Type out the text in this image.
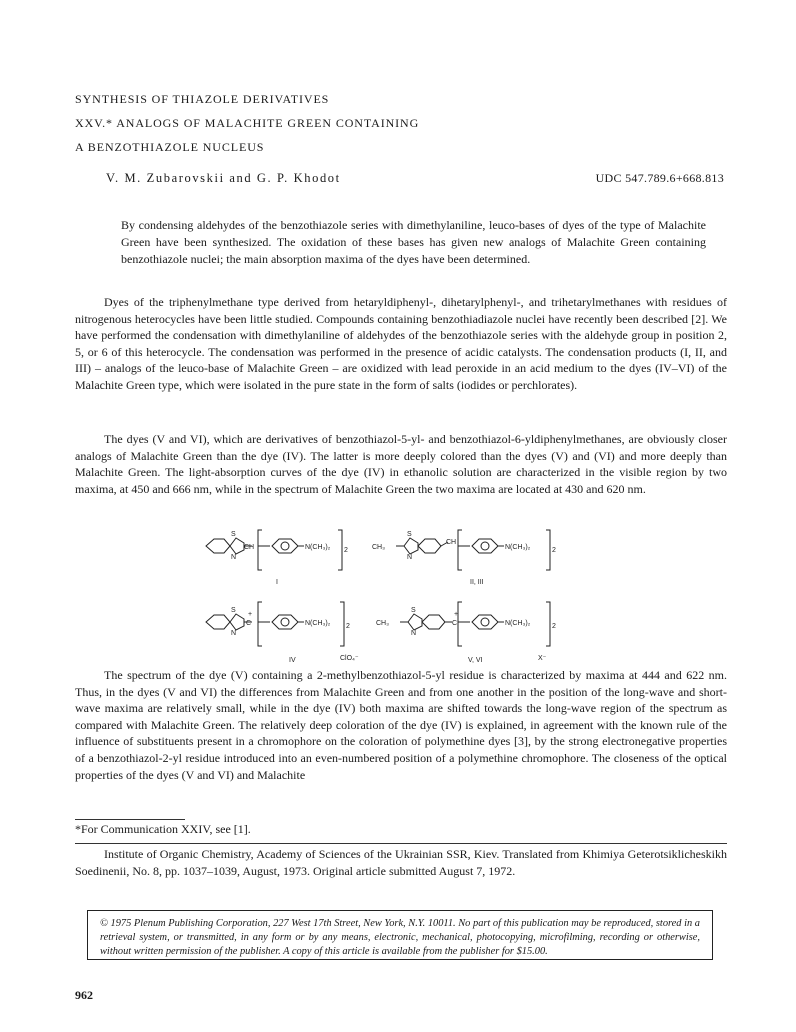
SYNTHESIS OF THIAZOLE DERIVATIVES
XXV.* ANALOGS OF MALACHITE GREEN CONTAINING
A BENZOTHIAZOLE NUCLEUS
V. M. Zubarovskii and G. P. Khodot	UDC 547.789.6+668.813
By condensing aldehydes of the benzothiazole series with dimethylaniline, leuco-bases of dyes of the type of Malachite Green have been synthesized. The oxidation of these bases has given new analogs of Malachite Green containing benzothiazole nuclei; the main absorption maxima of the dyes have been determined.
Dyes of the triphenylmethane type derived from hetaryldiphenyl-, dihetarylphenyl-, and trihetarylmethanes with residues of nitrogenous heterocycles have been little studied. Compounds containing benzothiadiazole nuclei have recently been described [2]. We have performed the condensation with dimethylaniline of aldehydes of the benzothiazole series with the aldehyde group in position 2, 5, or 6 of this heterocycle. The condensation was performed in the presence of acidic catalysts. The condensation products (I, II, and III) – analogs of the leuco-base of Malachite Green – are oxidized with lead peroxide in an acid medium to the dyes (IV–VI) of the Malachite Green type, which were isolated in the pure state in the form of salts (iodides or perchlorates).
The dyes (V and VI), which are derivatives of benzothiazol-5-yl- and benzothiazol-6-yldiphenylmethanes, are obviously closer analogs of Malachite Green than the dye (IV). The latter is more deeply colored than the dyes (V) and (VI) and more deeply than Malachite Green. The light-absorption curves of the dye (IV) in ethanolic solution are characterized in the visible region by two maxima, at 450 and 666 nm, while in the spectrum of Malachite Green the two maxima are located at 430 and 620 nm.
S
N
CH	N(CH₃)₂ 2
I
CH₃
S
N
CH
N(CH₃)₂	2
II, III
S
N
C
+
N(CH₃)₂ 2
IV	ClO₄⁻
CH₃
S
N
C
+
N(CH₃)₂	2
V, VI	X⁻
The spectrum of the dye (V) containing a 2-methylbenzothiazol-5-yl residue is characterized by maxima at 444 and 622 nm. Thus, in the dyes (V and VI) the differences from Malachite Green and from one another in the position of the long-wave and short-wave maxima are relatively small, while in the dye (IV) both maxima are shifted towards the long-wave region of the spectrum as compared with Malachite Green. The relatively deep coloration of the dye (IV) is explained, in agreement with the known rule of the influence of substituents present in a chromophore on the coloration of polymethine dyes [3], by the strong electronegative properties of a benzothiazol-2-yl residue introduced into an even-numbered position of a polymethine chromophore. The closeness of the optical properties of the dyes (V and VI) and Malachite
*For Communication XXIV, see [1].
Institute of Organic Chemistry, Academy of Sciences of the Ukrainian SSR, Kiev. Translated from Khimiya Geterotsiklicheskikh Soedinenii, No. 8, pp. 1037–1039, August, 1973. Original article submitted August 7, 1972.
© 1975 Plenum Publishing Corporation, 227 West 17th Street, New York, N.Y. 10011. No part of this publication may be reproduced, stored in a retrieval system, or transmitted, in any form or by any means, electronic, mechanical, photocopying, microfilming, recording or otherwise, without written permission of the publisher. A copy of this article is available from the publisher for $15.00.
962
